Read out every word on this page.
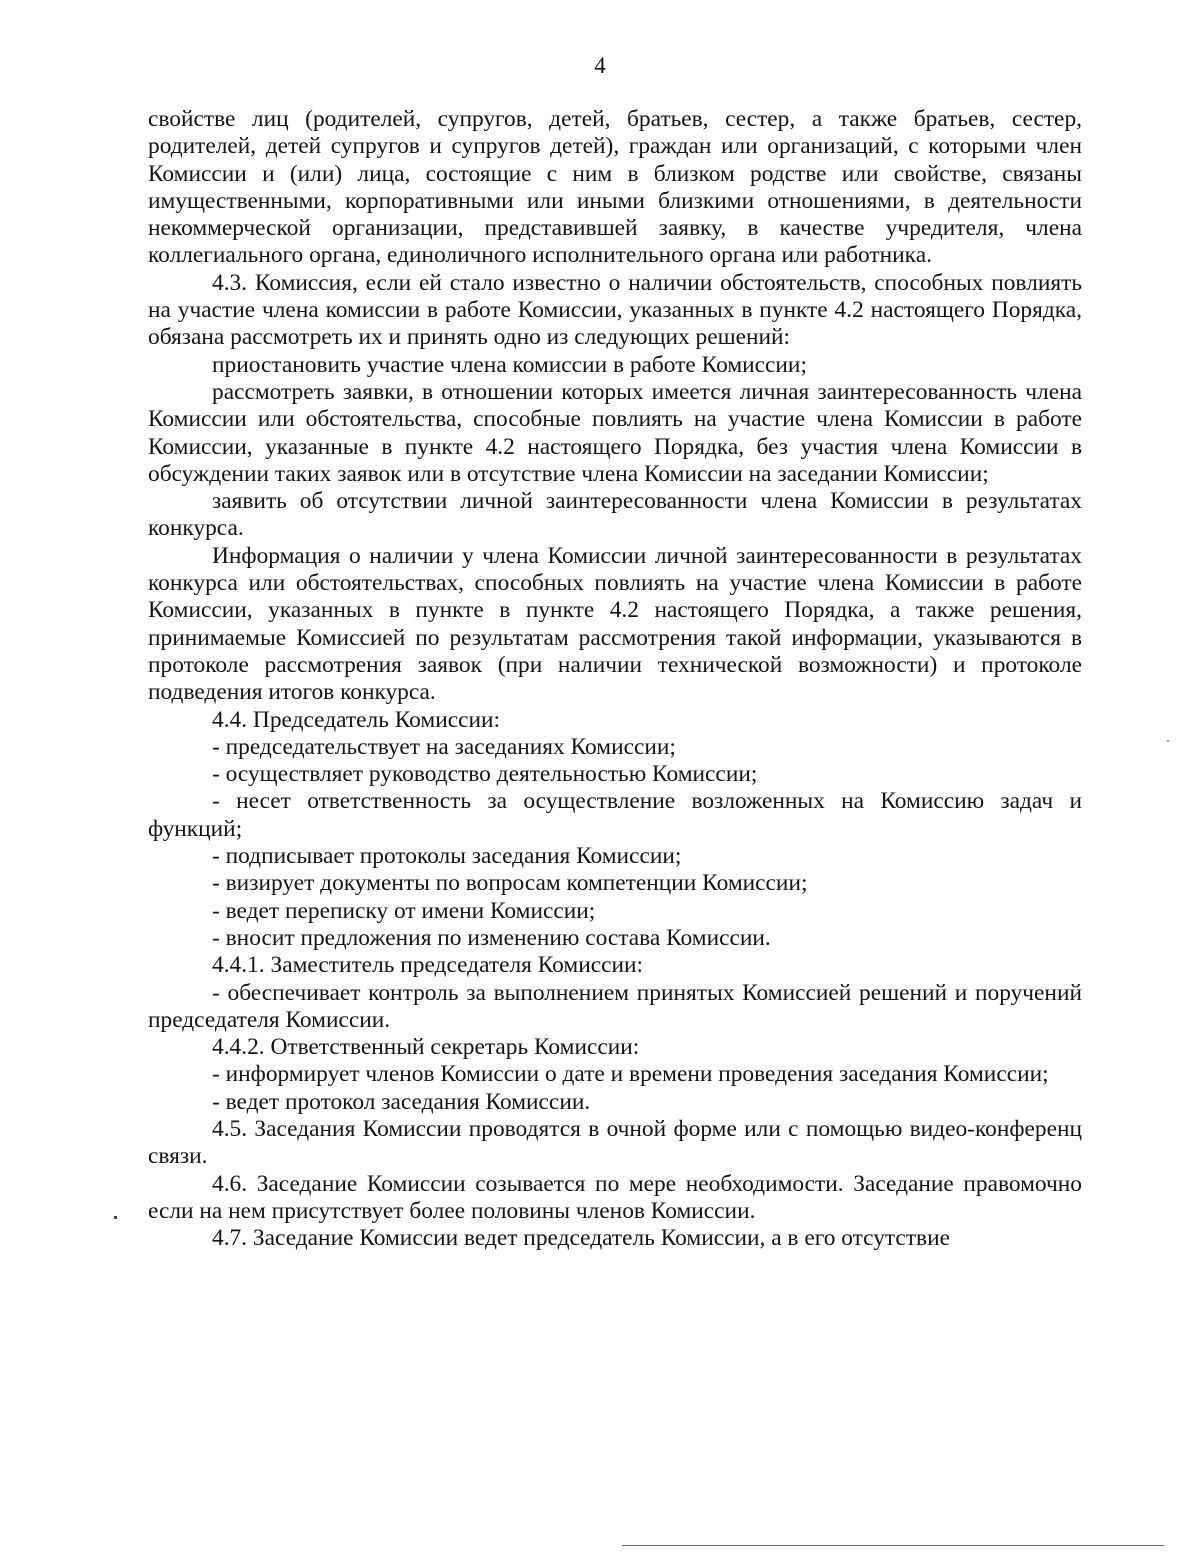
4

свойстве лиц (родителей, супругов, детей, братьев, сестер, а также братьев, сестер, родителей, детей супругов и супругов детей), граждан или организаций, с которыми член Комиссии и (или) лица, состоящие с ним в близком родстве или свойстве, связаны имущественными, корпоративными или иными близкими отношениями, в деятельности некоммерческой организации, представившей заявку, в качестве учредителя, члена коллегиального органа, единоличного исполнительного органа или работника.

4.3. Комиссия, если ей стало известно о наличии обстоятельств, способных повлиять на участие члена комиссии в работе Комиссии, указанных в пункте 4.2 настоящего Порядка, обязана рассмотреть их и принять одно из следующих решений:

приостановить участие члена комиссии в работе Комиссии;

рассмотреть заявки, в отношении которых имеется личная заинтересованность члена Комиссии или обстоятельства, способные повлиять на участие члена Комиссии в работе Комиссии, указанные в пункте 4.2 настоящего Порядка, без участия члена Комиссии в обсуждении таких заявок или в отсутствие члена Комиссии на заседании Комиссии;

заявить об отсутствии личной заинтересованности члена Комиссии в результатах конкурса.

Информация о наличии у члена Комиссии личной заинтересованности в результатах конкурса или обстоятельствах, способных повлиять на участие члена Комиссии в работе Комиссии, указанных в пункте в пункте 4.2 настоящего Порядка, а также решения, принимаемые Комиссией по результатам рассмотрения такой информации, указываются в протоколе рассмотрения заявок (при наличии технической возможности) и протоколе подведения итогов конкурса.

4.4. Председатель Комиссии:

- председательствует на заседаниях Комиссии;

- осуществляет руководство деятельностью Комиссии;

- несет ответственность за осуществление возложенных на Комиссию задач и функций;

- подписывает протоколы заседания Комиссии;

- визирует документы по вопросам компетенции Комиссии;

- ведет переписку от имени Комиссии;

- вносит предложения по изменению состава Комиссии.

4.4.1. Заместитель председателя Комиссии:

- обеспечивает контроль за выполнением принятых Комиссией решений и поручений председателя Комиссии.

4.4.2. Ответственный секретарь Комиссии:

- информирует членов Комиссии о дате и времени проведения заседания Комиссии;

- ведет протокол заседания Комиссии.

4.5. Заседания Комиссии проводятся в очной форме или с помощью видео-конференц связи.

4.6. Заседание Комиссии созывается по мере необходимости. Заседание правомочно если на нем присутствует более половины членов Комиссии.

4.7. Заседание Комиссии ведет председатель Комиссии, а в его отсутствие
